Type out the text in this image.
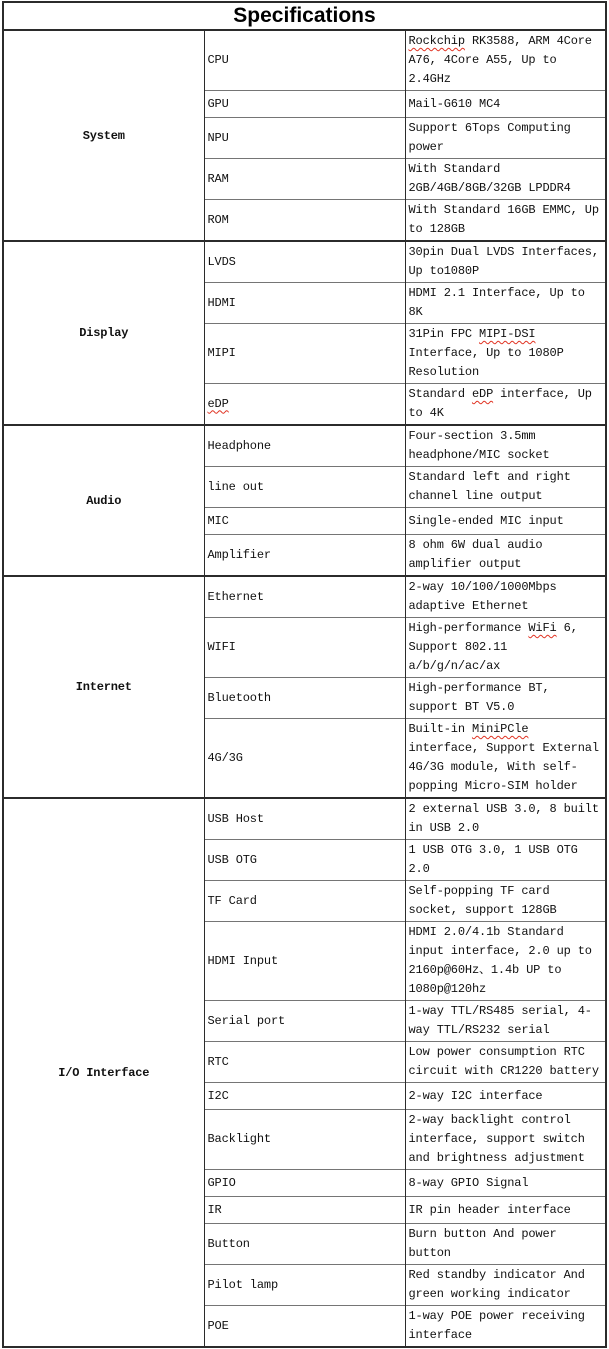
Specifications		
System	CPU	Rockchip RK3588, ARM 4Core A76, 4Core A55, Up to 2.4GHz
	GPU	Mail-G610 MC4
	NPU	Support 6Tops Computing power
	RAM	With Standard 2GB/4GB/8GB/32GB LPDDR4
	ROM	With Standard 16GB EMMC, Up to 128GB
Display	LVDS	30pin Dual LVDS Interfaces, Up to1080P
	HDMI	HDMI 2.1 Interface, Up to 8K
	MIPI	31Pin FPC MIPI-DSI Interface, Up to 1080P Resolution
	eDP	Standard eDP interface, Up to 4K
Audio	Headphone	Four-section 3.5mm headphone/MIC socket
	line out	Standard left and right channel line output
	MIC	Single-ended MIC input
	Amplifier	8 ohm 6W dual audio amplifier output
Internet	Ethernet	2-way 10/100/1000Mbps adaptive Ethernet
	WIFI	High-performance WiFi 6, Support 802.11 a/b/g/n/ac/ax
	Bluetooth	High-performance BT, support BT V5.0
	4G/3G	Built-in MiniPCle interface, Support External 4G/3G module, With self-popping Micro-SIM holder
I/O Interface	USB Host	2 external USB 3.0, 8 built in USB 2.0
	USB OTG	1 USB OTG 3.0, 1 USB OTG 2.0
	TF Card	Self-popping TF card socket, support 128GB
	HDMI Input	HDMI 2.0/4.1b Standard input interface, 2.0 up to 2160p@60Hz、1.4b UP to 1080p@120hz
	Serial port	1-way TTL/RS485 serial, 4-way TTL/RS232 serial
	RTC	Low power consumption RTC circuit with CR1220 battery
	I2C	2-way I2C interface
	Backlight	2-way backlight control interface, support switch and brightness adjustment
	GPIO	8-way GPIO Signal
	IR	IR pin header interface
	Button	Burn button And power button
	Pilot lamp	Red standby indicator And green working indicator
	POE	1-way POE power receiving interface
